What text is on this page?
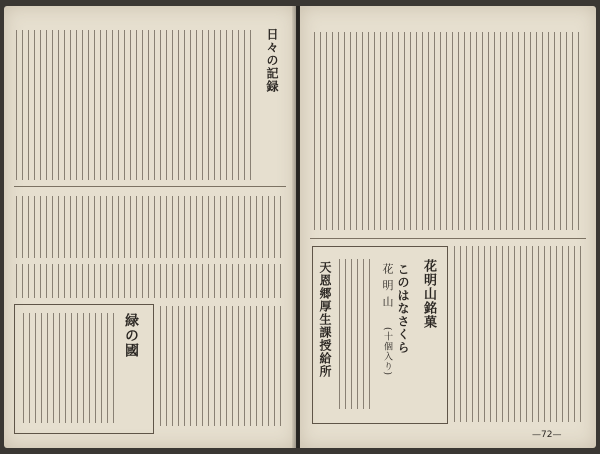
日々の記録
緑の國
花明山銘菓
このはなさくら
花 明 山
(十個入り)
天恩郷厚生課授給所
—72—
